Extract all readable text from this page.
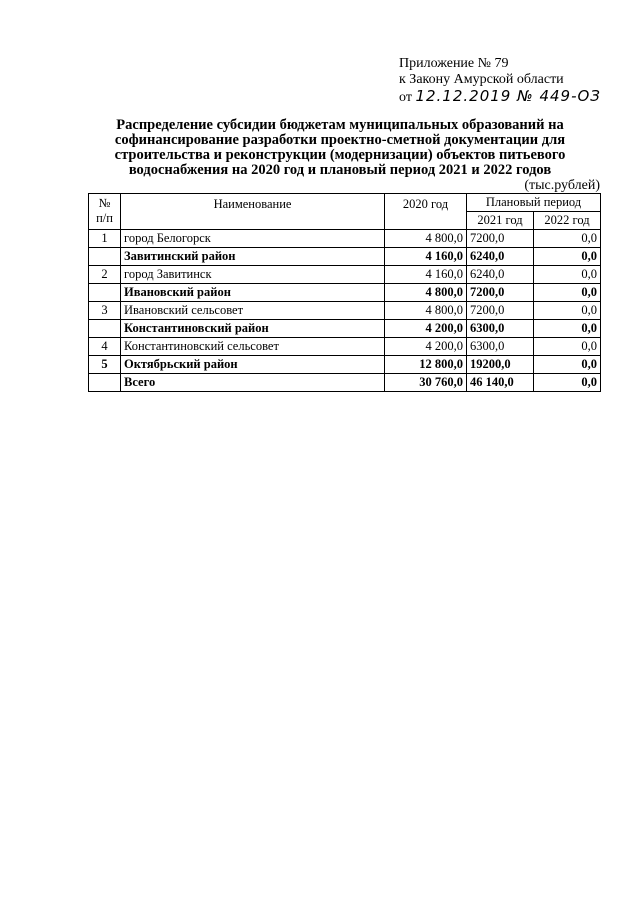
Приложение № 79
к Закону Амурской области
от 12.12.2019 № 449-ОЗ
Распределение субсидии бюджетам муниципальных образований на софинансирование разработки проектно-сметной документации для строительства и реконструкции (модернизации) объектов питьевого водоснабжения на 2020 год и плановый период 2021 и 2022 годов
(тыс.рублей)
№
п/п	Наименование	2020 год	Плановый период	
			2021 год	2022 год
1	город Белогорск	4 800,0	7200,0	0,0
	Завитинский район	4 160,0	6240,0	0,0
2	город Завитинск	4 160,0	6240,0	0,0
	Ивановский район	4 800,0	7200,0	0,0
3	Ивановский сельсовет	4 800,0	7200,0	0,0
	Константиновский район	4 200,0	6300,0	0,0
4	Константиновский сельсовет	4 200,0	6300,0	0,0
5	Октябрьский район	12 800,0	19200,0	0,0
	Всего	30 760,0	46 140,0	0,0
